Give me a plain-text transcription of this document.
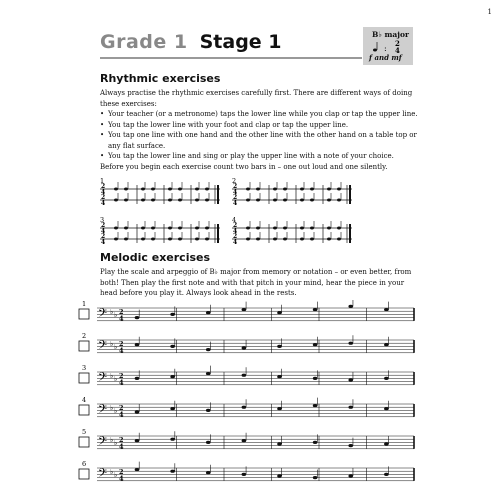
1
Grade 1 Stage 1	B♭ major
:
2
4
f and mf
Rhythmic exercises
Always practise the rhythmic exercises carefully first. There are different ways of doing these exercises:
• Your teacher (or a metronome) taps the lower line while you clap or tap the upper line.
• You tap the lower line with your foot and clap or tap the upper line.
• You tap one line with one hand and the other line with the other hand on a table top or any flat surface.
• You tap the lower line and sing or play the upper line with a note of your choice.
Before you begin each exercise count two bars in – one out loud and one silently.
1
2
4
2
4
2
2
4
2
4
3
2
4
2
4
4
2
4
2
4
Melodic exercises
Play the scale and arpeggio of B♭ major from memory or notation – or even better, from both! Then play the first note and with that pitch in your mind, hear the piece in your head before you play it. Always look ahead in the rests.
1
𝄢 ♭ ♭ 2
4
2
𝄢 ♭ ♭ 2
4
3
𝄢 ♭ ♭ 2
4
4
𝄢 ♭ ♭ 2
4
5
𝄢 ♭ ♭ 2
4
6
𝄢 ♭ ♭ 2
4
